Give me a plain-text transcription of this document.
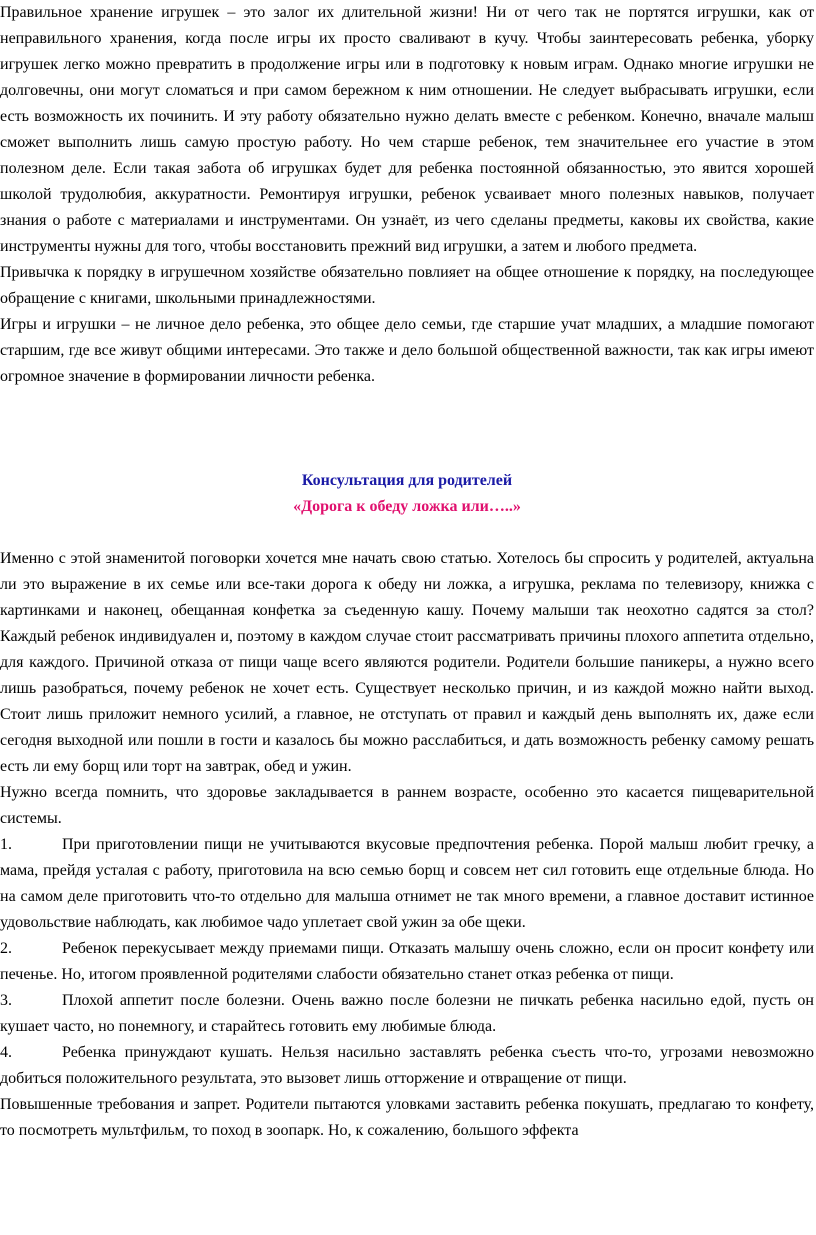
Правильное хранение игрушек – это залог их длительной жизни! Ни от чего так не портятся игрушки, как от неправильного хранения, когда после игры их просто сваливают в кучу. Чтобы заинтересовать ребенка, уборку игрушек легко можно превратить в продолжение игры или в подготовку к новым играм. Однако многие игрушки не долговечны, они могут сломаться и при самом бережном к ним отношении. Не следует выбрасывать игрушки, если есть возможность их починить. И эту работу обязательно нужно делать вместе с ребенком. Конечно, вначале малыш сможет выполнить лишь самую простую работу. Но чем старше ребенок, тем значительнее его участие в этом полезном деле. Если такая забота об игрушках будет для ребенка постоянной обязанностью, это явится хорошей школой трудолюбия, аккуратности. Ремонтируя игрушки, ребенок усваивает много полезных навыков, получает знания о работе с материалами и инструментами. Он узнаёт, из чего сделаны предметы, каковы их свойства, какие инструменты нужны для того, чтобы восстановить прежний вид игрушки, а затем и любого предмета.

Привычка к порядку в игрушечном хозяйстве обязательно повлияет на общее отношение к порядку, на последующее обращение с книгами, школьными принадлежностями.

Игры и игрушки – не личное дело ребенка, это общее дело семьи, где старшие учат младших, а младшие помогают старшим, где все живут общими интересами. Это также и дело большой общественной важности, так как игры имеют огромное значение в формировании личности ребенка.

Консультация для родителей

«Дорога к обеду ложка или…..»

Именно с этой знаменитой поговорки хочется мне начать свою статью. Хотелось бы спросить у родителей, актуальна ли это выражение в их семье или все-таки дорога к обеду ни ложка, а игрушка, реклама по телевизору, книжка с картинками и наконец, обещанная конфетка за съеденную кашу. Почему малыши так неохотно садятся за стол? Каждый ребенок индивидуален и, поэтому в каждом случае стоит рассматривать причины плохого аппетита отдельно, для каждого. Причиной отказа от пищи чаще всего являются родители. Родители большие паникеры, а нужно всего лишь разобраться, почему ребенок не хочет есть. Существует несколько причин, и из каждой можно найти выход. Стоит лишь приложит немного усилий, а главное, не отступать от правил и каждый день выполнять их, даже если сегодня выходной или пошли в гости и казалось бы можно расслабиться, и дать возможность ребенку самому решать есть ли ему борщ или торт на завтрак, обед и ужин.

Нужно всегда помнить, что здоровье закладывается в раннем возрасте, особенно это касается пищеварительной системы.

1.	При приготовлении пищи не учитываются вкусовые предпочтения ребенка. Порой малыш любит гречку, а мама, прейдя усталая с работу, приготовила на всю семью борщ и совсем нет сил готовить еще отдельные блюда. Но на самом деле приготовить что-то отдельно для малыша отнимет не так много времени, а главное доставит истинное удовольствие наблюдать, как любимое чадо уплетает свой ужин за обе щеки.

2.	Ребенок перекусывает между приемами пищи. Отказать малышу очень сложно, если он просит конфету или печенье. Но, итогом проявленной родителями слабости обязательно станет отказ ребенка от пищи.

3.	Плохой аппетит после болезни. Очень важно после болезни не пичкать ребенка насильно едой, пусть он кушает часто, но понемногу, и старайтесь готовить ему любимые блюда.

4.	Ребенка принуждают кушать. Нельзя насильно заставлять ребенка съесть что-то, угрозами невозможно добиться положительного результата, это вызовет лишь отторжение и отвращение от пищи.

Повышенные требования и запрет. Родители пытаются уловками заставить ребенка покушать, предлагаю то конфету, то посмотреть мультфильм, то поход в зоопарк. Но, к сожалению, большого эффекта
